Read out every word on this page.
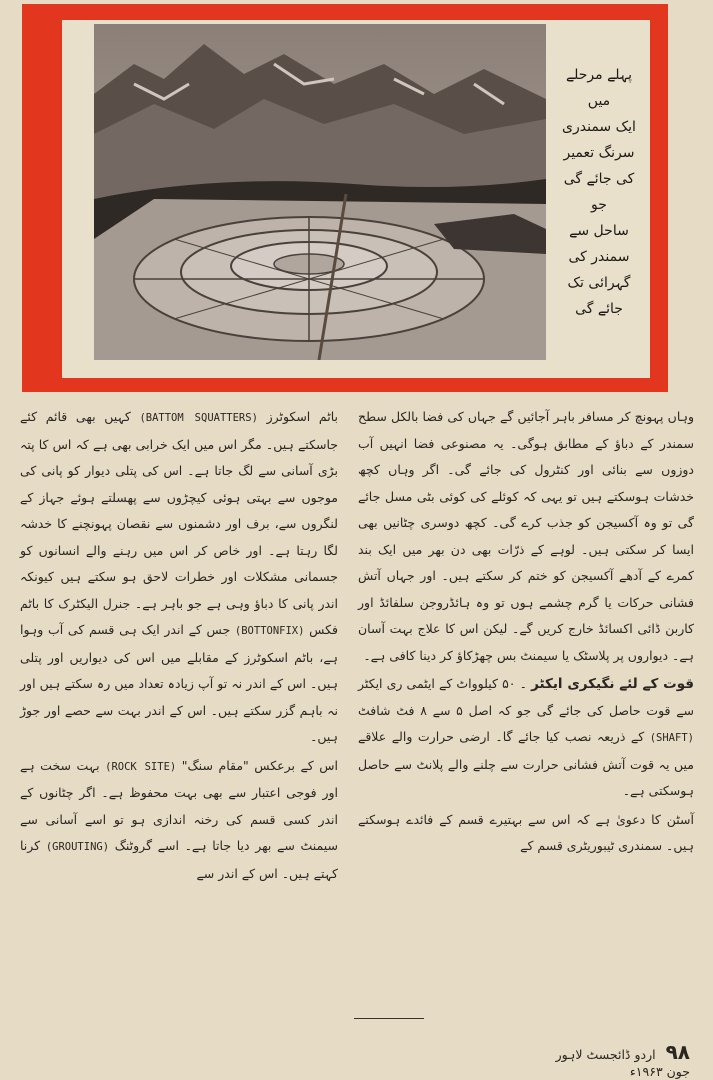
پہلے مرحلے میں
ایک سمندری
سرنگ تعمیر
کی جائے گی جو
ساحل سے
سمندر کی
گہرائی تک
جائے گی

وہاں پہونچ کر مسافر باہر آجائیں گے جہاں کی فضا بالکل سطح سمندر کے دباؤ کے مطابق ہوگی۔ یہ مصنوعی فضا انہیں آب دوزوں سے بنائی اور کنٹرول کی جائے گی۔ اگر وہاں کچھ خدشات ہوسکتے ہیں تو یہی کہ کوئلے کی کوئی بٹی مسل جائے گی تو وہ آکسیجن کو جذب کرے گی۔ کچھ دوسری چٹانیں بھی ایسا کر سکتی ہیں۔ لوہے کے ذرّات بھی دن بھر میں ایک بند کمرے کے آدھے آکسیجن کو ختم کر سکتے ہیں۔ اور جہاں آتش فشانی حرکات یا گرم چشمے ہوں تو وہ ہائڈروجن سلفائڈ اور کاربن ڈائی اکسائڈ خارج کریں گے۔ لیکن اس کا علاج بہت آسان ہے۔ دیواروں پر پلاسٹک یا سیمنٹ بس چھڑکاؤ کر دینا کافی ہے۔

قوت کے لئے نگیکری ایکٹر ۔ ۵۰ کیلوواٹ کے ایٹمی ری ایکٹر سے قوت حاصل کی جائے گی جو کہ اصل ۵ سے ۸ فٹ شافٹ (SHAFT) کے ذریعہ نصب کیا جائے گا۔ ارضی حرارت والے علاقے میں یہ قوت آتش فشانی حرارت سے چلنے والے پلانٹ سے حاصل ہوسکتی ہے۔

آسٹن کا دعویٰ ہے کہ اس سے بہتیرے قسم کے فائدے ہوسکتے ہیں۔ سمندری ٹیبوریٹری قسم کے

باٹم اسکوٹرز (BATTOM SQUATTERS) کہیں بھی قائم کئے جاسکتے ہیں۔ مگر اس میں ایک خرابی بھی ہے کہ اس کا پتہ بڑی آسانی سے لگ جاتا ہے۔ اس کی پتلی دیوار کو پانی کی موجوں سے بہتی ہوئی کیچڑوں سے پھسلتے ہوئے جہاز کے لنگروں سے، برف اور دشمنوں سے نقصان پہونچنے کا خدشہ لگا رہتا ہے۔ اور خاص کر اس میں رہنے والے انسانوں کو جسمانی مشکلات اور خطرات لاحق ہو سکتے ہیں کیونکہ اندر پانی کا دباؤ وہی ہے جو باہر ہے۔ جنرل الیکٹرک کا باٹم فکس (BOTTONFIX) جس کے اندر ایک ہی قسم کی آب وہوا ہے، باٹم اسکوٹرز کے مقابلے میں اس کی دیواریں اور پتلی ہیں۔ اس کے اندر نہ تو آپ زیادہ تعداد میں رہ سکتے ہیں اور نہ باہم گزر سکتے ہیں۔ اس کے اندر بہت سے حصے اور جوڑ ہیں۔

اس کے برعکس "مقام سنگ" (ROCK SITE) بہت سخت ہے اور فوجی اعتبار سے بھی بہت محفوظ ہے۔ اگر چٹانوں کے اندر کسی قسم کی رخنہ اندازی ہو تو اسے آسانی سے سیمنٹ سے بھر دیا جاتا ہے۔ اسے گروٹنگ (GROUTING) کرنا کہتے ہیں۔ اس کے اندر سے

۹۸ اردو ڈائجسٹ لاہور جون ۱۹۶۳ء
